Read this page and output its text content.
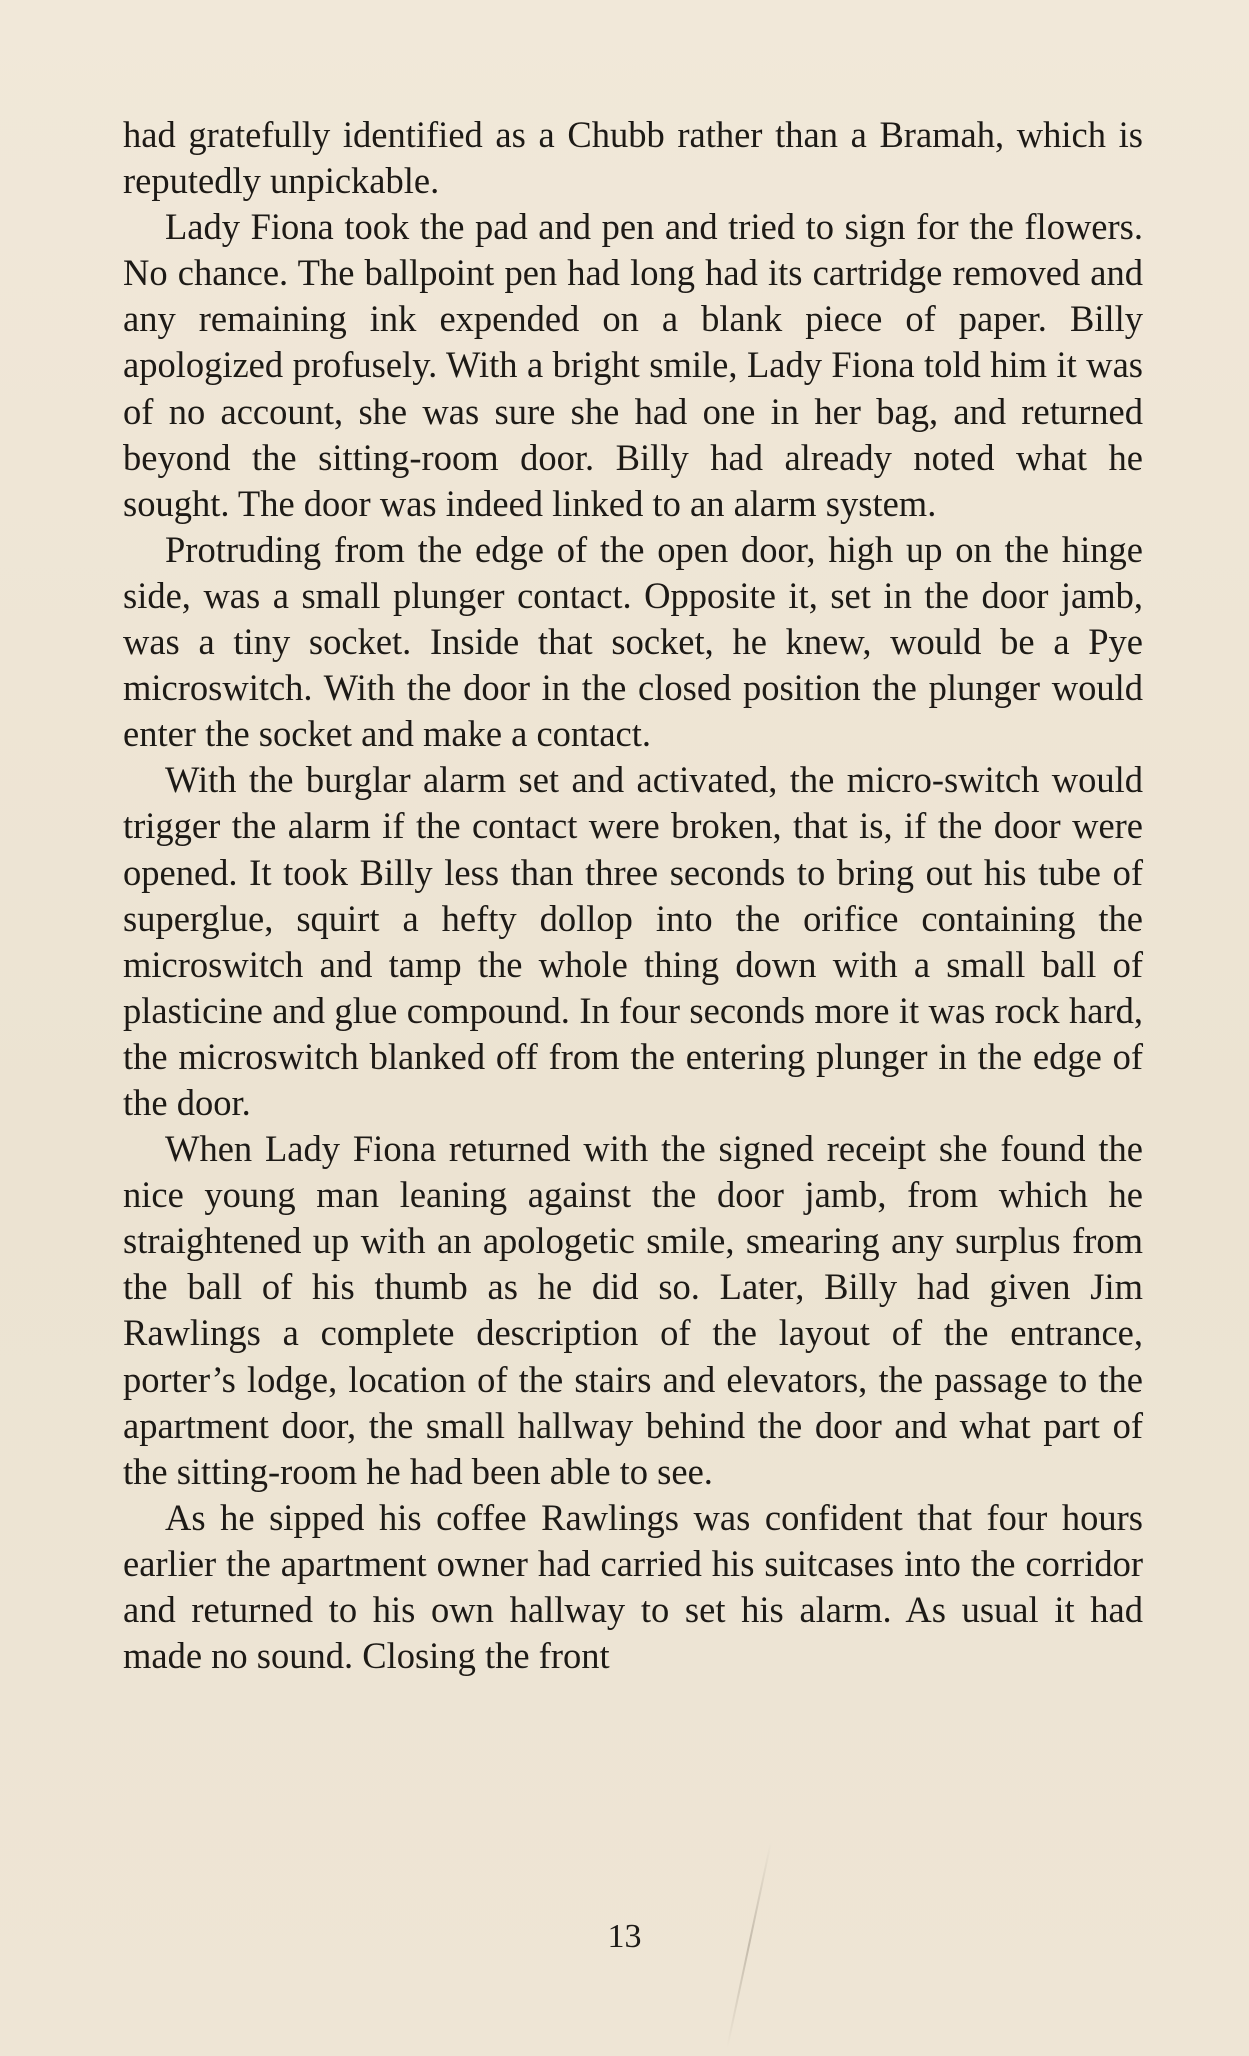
had gratefully identified as a Chubb rather than a Bramah, which is reputedly unpickable.

Lady Fiona took the pad and pen and tried to sign for the flowers. No chance. The ballpoint pen had long had its cartridge removed and any remaining ink expended on a blank piece of paper. Billy apologized profusely. With a bright smile, Lady Fiona told him it was of no account, she was sure she had one in her bag, and returned beyond the sitting-room door. Billy had already noted what he sought. The door was indeed linked to an alarm system.

Protruding from the edge of the open door, high up on the hinge side, was a small plunger contact. Opposite it, set in the door jamb, was a tiny socket. Inside that socket, he knew, would be a Pye microswitch. With the door in the closed position the plunger would enter the socket and make a contact.

With the burglar alarm set and activated, the micro-switch would trigger the alarm if the contact were broken, that is, if the door were opened. It took Billy less than three seconds to bring out his tube of superglue, squirt a hefty dollop into the orifice containing the microswitch and tamp the whole thing down with a small ball of plasticine and glue compound. In four seconds more it was rock hard, the microswitch blanked off from the entering plunger in the edge of the door.

When Lady Fiona returned with the signed receipt she found the nice young man leaning against the door jamb, from which he straightened up with an apologetic smile, smearing any surplus from the ball of his thumb as he did so. Later, Billy had given Jim Rawlings a complete description of the layout of the entrance, porter’s lodge, location of the stairs and elevators, the passage to the apartment door, the small hallway behind the door and what part of the sitting-room he had been able to see.

As he sipped his coffee Rawlings was confident that four hours earlier the apartment owner had carried his suitcases into the corridor and returned to his own hallway to set his alarm. As usual it had made no sound. Closing the front

13
